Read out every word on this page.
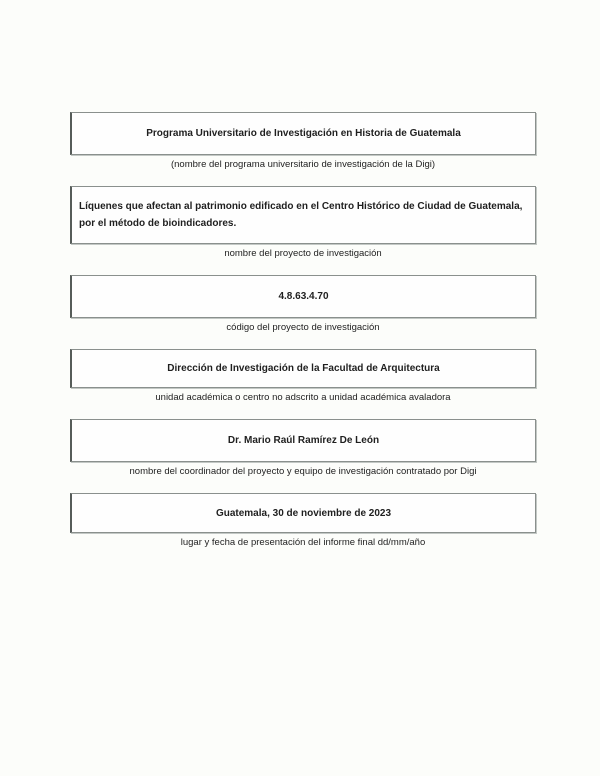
Programa Universitario de Investigación en Historia de Guatemala
(nombre del programa universitario de investigación de la Digi)
Líquenes que afectan al patrimonio edificado en el Centro Histórico de Ciudad de Guatemala, por el método de bioindicadores.
nombre del proyecto de investigación
4.8.63.4.70
código del proyecto de investigación
Dirección de Investigación de la Facultad de Arquitectura
unidad académica o centro no adscrito a unidad académica avaladora
Dr. Mario Raúl Ramírez De León
nombre del coordinador del proyecto y equipo de investigación contratado por Digi
Guatemala, 30 de noviembre de 2023
lugar y fecha de presentación del informe final dd/mm/año
